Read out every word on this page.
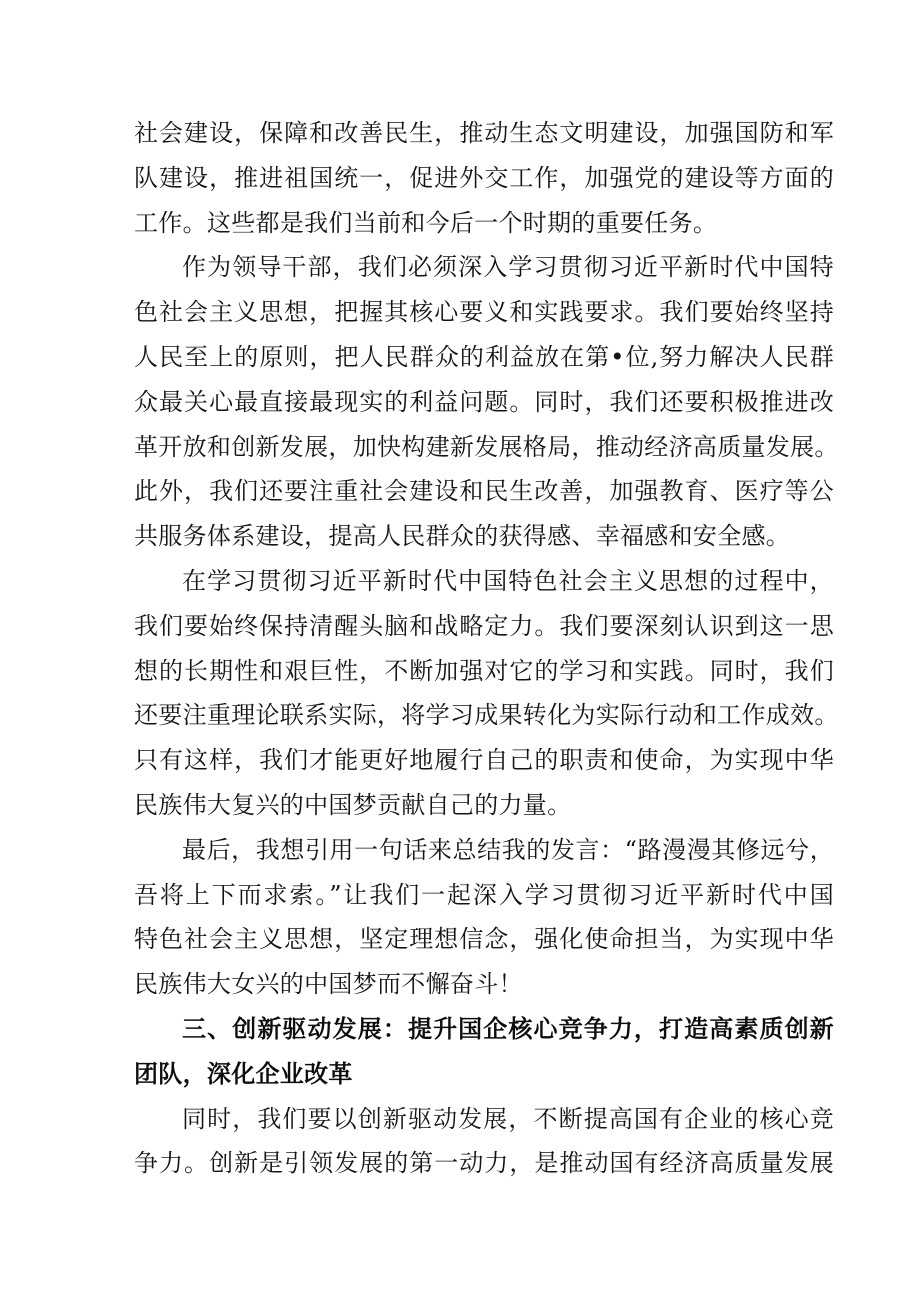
社会建设，保障和改善民生，推动生态文明建设，加强国防和军
队建设，推进祖国统一，促进外交工作，加强党的建设等方面的
工作。这些都是我们当前和今后一个时期的重要任务。
作为领导干部，我们必须深入学习贯彻习近平新时代中国特
色社会主义思想，把握其核心要义和实践要求。我们要始终坚持
人民至上的原则，把人民群众的利益放在第•位,努力解决人民群
众最关心最直接最现实的利益问题。同时，我们还要积极推进改
革开放和创新发展，加快构建新发展格局，推动经济高质量发展。
此外，我们还要注重社会建设和民生改善，加强教育、医疗等公
共服务体系建设，提高人民群众的获得感、幸福感和安全感。
在学习贯彻习近平新时代中国特色社会主义思想的过程中，
我们要始终保持清醒头脑和战略定力。我们要深刻认识到这一思
想的长期性和艰巨性，不断加强对它的学习和实践。同时，我们
还要注重理论联系实际，将学习成果转化为实际行动和工作成效。
只有这样，我们才能更好地履行自己的职责和使命，为实现中华
民族伟大复兴的中国梦贡献自己的力量。
最后，我想引用一句话来总结我的发言：“路漫漫其修远兮，
吾将上下而求索。”让我们一起深入学习贯彻习近平新时代中国
特色社会主义思想，坚定理想信念，强化使命担当，为实现中华
民族伟大女兴的中国梦而不懈奋斗！
三、创新驱动发展：提升国企核心竞争力，打造高素质创新
团队，深化企业改革
同时，我们要以创新驱动发展，不断提高国有企业的核心竞
争力。创新是引领发展的第一动力，是推动国有经济高质量发展
